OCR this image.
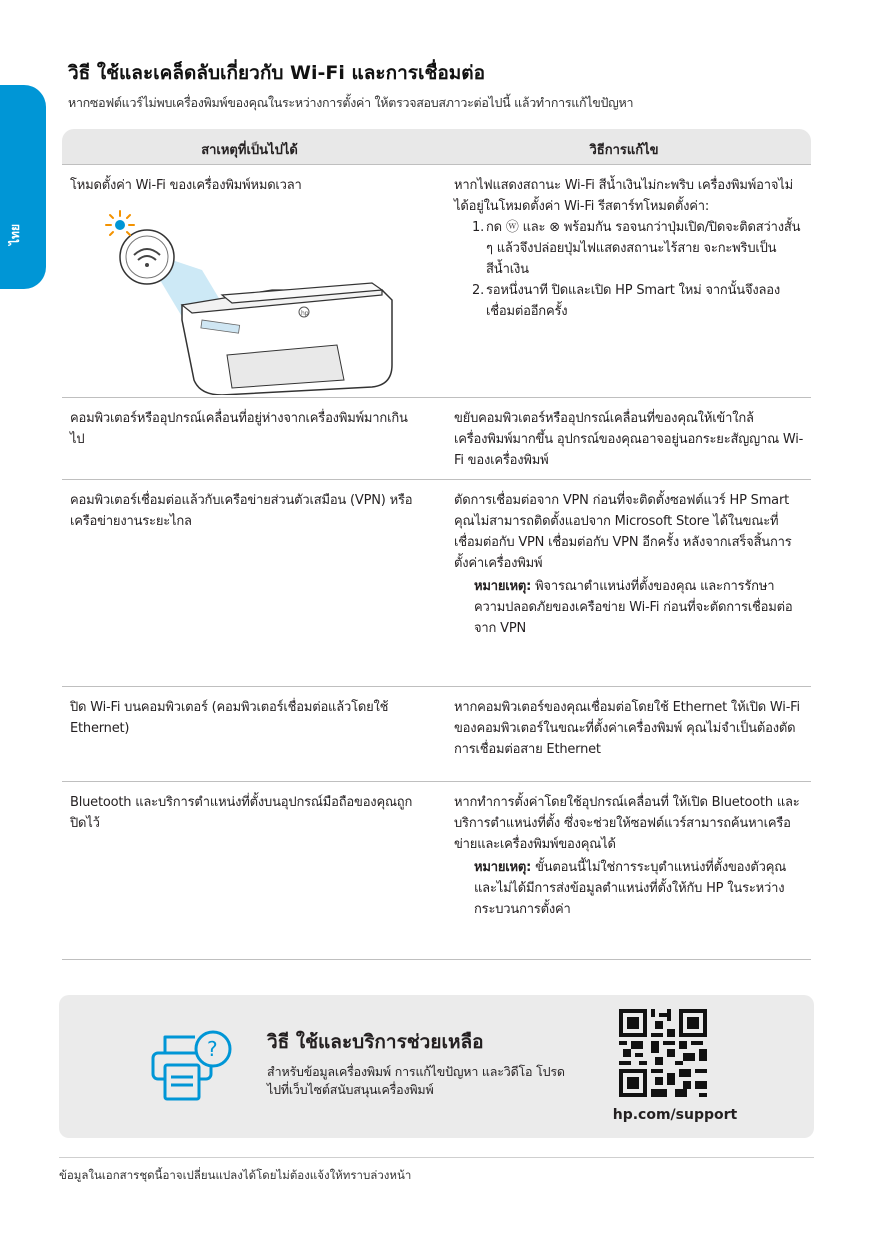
ไทย
วิธี ใช้และเคล็ดลับเกี่ยวกับ Wi-Fi และการเชื่อมต่อ
หากซอฟต์แวร์ไม่พบเครื่องพิมพ์ของคุณในระหว่างการตั้งค่า ให้ตรวจสอบสภาวะต่อไปนี้ แล้วทำการแก้ไขปัญหา
สาเหตุที่เป็นไปได้	วิธีการแก้ไข
โหมดตั้งค่า Wi-Fi ของเครื่องพิมพ์หมดเวลา
hp
หากไฟแสดงสถานะ Wi-Fi สีน้ำเงินไม่กะพริบ เครื่องพิมพ์อาจไม่ได้อยู่ในโหมดตั้งค่า Wi-Fi รีสตาร์ทโหมดตั้งค่า:
1. กด ⓦ และ ⊗ พร้อมกัน รอจนกว่าปุ่มเปิด/ปิดจะติดสว่างสั้น ๆ แล้วจึงปล่อยปุ่มไฟแสดงสถานะไร้สาย จะกะพริบเป็นสีน้ำเงิน
2. รอหนึ่งนาที ปิดและเปิด HP Smart ใหม่ จากนั้นจึงลองเชื่อมต่ออีกครั้ง
คอมพิวเตอร์หรืออุปกรณ์เคลื่อนที่อยู่ห่างจากเครื่องพิมพ์มากเกินไป
ขยับคอมพิวเตอร์หรืออุปกรณ์เคลื่อนที่ของคุณให้เข้าใกล้เครื่องพิมพ์มากขึ้น อุปกรณ์ของคุณอาจอยู่นอกระยะสัญญาณ Wi-Fi ของเครื่องพิมพ์
คอมพิวเตอร์เชื่อมต่อแล้วกับเครือข่ายส่วนตัวเสมือน (VPN) หรือเครือข่ายงานระยะไกล
ตัดการเชื่อมต่อจาก VPN ก่อนที่จะติดตั้งซอฟต์แวร์ HP Smart คุณไม่สามารถติดตั้งแอปจาก Microsoft Store ได้ในขณะที่เชื่อมต่อกับ VPN เชื่อมต่อกับ VPN อีกครั้ง หลังจากเสร็จสิ้นการตั้งค่าเครื่องพิมพ์
หมายเหตุ: พิจารณาตำแหน่งที่ตั้งของคุณ และการรักษาความปลอดภัยของเครือข่าย Wi-Fi ก่อนที่จะตัดการเชื่อมต่อจาก VPN
ปิด Wi-Fi บนคอมพิวเตอร์ (คอมพิวเตอร์เชื่อมต่อแล้วโดยใช้ Ethernet)
หากคอมพิวเตอร์ของคุณเชื่อมต่อโดยใช้ Ethernet ให้เปิด Wi-Fi ของคอมพิวเตอร์ในขณะที่ตั้งค่าเครื่องพิมพ์ คุณไม่จำเป็นต้องตัดการเชื่อมต่อสาย Ethernet
Bluetooth และบริการตำแหน่งที่ตั้งบนอุปกรณ์มือถือของคุณถูกปิดไว้
หากทำการตั้งค่าโดยใช้อุปกรณ์เคลื่อนที่ ให้เปิด Bluetooth และบริการตำแหน่งที่ตั้ง ซึ่งจะช่วยให้ซอฟต์แวร์สามารถค้นหาเครือข่ายและเครื่องพิมพ์ของคุณได้
หมายเหตุ: ขั้นตอนนี้ไม่ใช่การระบุตำแหน่งที่ตั้งของตัวคุณ และไม่ได้มีการส่งข้อมูลตำแหน่งที่ตั้งให้กับ HP ในระหว่างกระบวนการตั้งค่า
?	วิธี ใช้และบริการช่วยเหลือ
สำหรับข้อมูลเครื่องพิมพ์ การแก้ไขปัญหา และวิดีโอ โปรดไปที่เว็บไซต์สนับสนุนเครื่องพิมพ์
hp.com/support
ข้อมูลในเอกสารชุดนี้อาจเปลี่ยนแปลงได้โดยไม่ต้องแจ้งให้ทราบล่วงหน้า
